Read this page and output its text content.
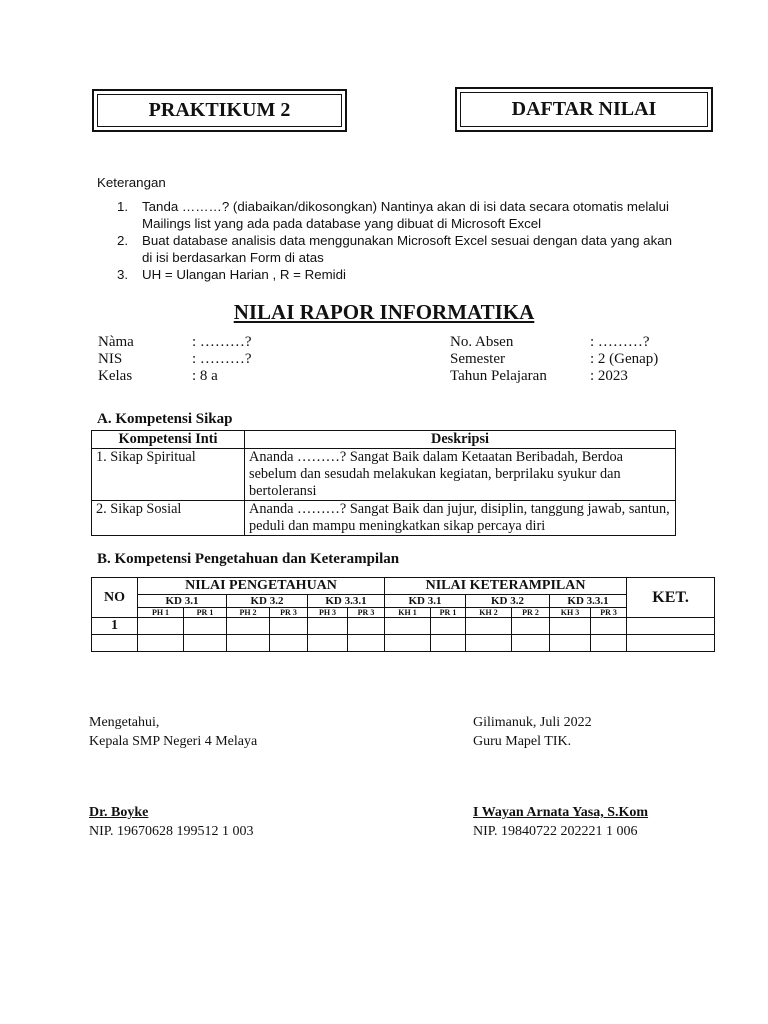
PRAKTIKUM 2	DAFTAR NILAI
Keterangan
1. Tanda ………? (diabaikan/dikosongkan) Nantinya akan di isi data secara otomatis melalui Mailings list yang ada pada database yang dibuat di Microsoft Excel
2. Buat database analisis data menggunakan Microsoft Excel sesuai dengan data yang akan di isi berdasarkan Form di atas
3. UH = Ulangan Harian , R = Remidi
NILAI RAPOR INFORMATIKA
Nàma	: ………?	No. Absen	: ………?
NIS	: ………?	Semester	: 2 (Genap)
Kelas	: 8 a	Tahun Pelajaran	: 2023
A. Kompetensi Sikap
Kompetensi Inti	Deskripsi
1. Sikap Spiritual	Ananda ………? Sangat Baik dalam Ketaatan Beribadah, Berdoa sebelum dan sesudah melakukan kegiatan, berprilaku syukur dan bertoleransi
2. Sikap Sosial	Ananda ………? Sangat Baik dan jujur, disiplin, tanggung jawab, santun, peduli dan mampu meningkatkan sikap percaya diri
B. Kompetensi Pengetahuan dan Keterampilan
NO	NILAI PENGETAHUAN						NILAI KETERAMPILAN						KET.
	KD 3.1		KD 3.2		KD 3.3.1		KD 3.1		KD 3.2		KD 3.3.1		
	PH 1	PR 1	PH 2	PR 3	PH 3	PR 3	KH 1	PR 1	KH 2	PR 2	KH 3	PR 3	
1													

Mengetahui,
Kepala SMP Negeri 4 Melaya
Gilimanuk, Juli 2022
Guru Mapel TIK.
Dr. Boyke
NIP. 19670628 199512 1 003
I Wayan Arnata Yasa, S.Kom
NIP. 19840722 202221 1 006
